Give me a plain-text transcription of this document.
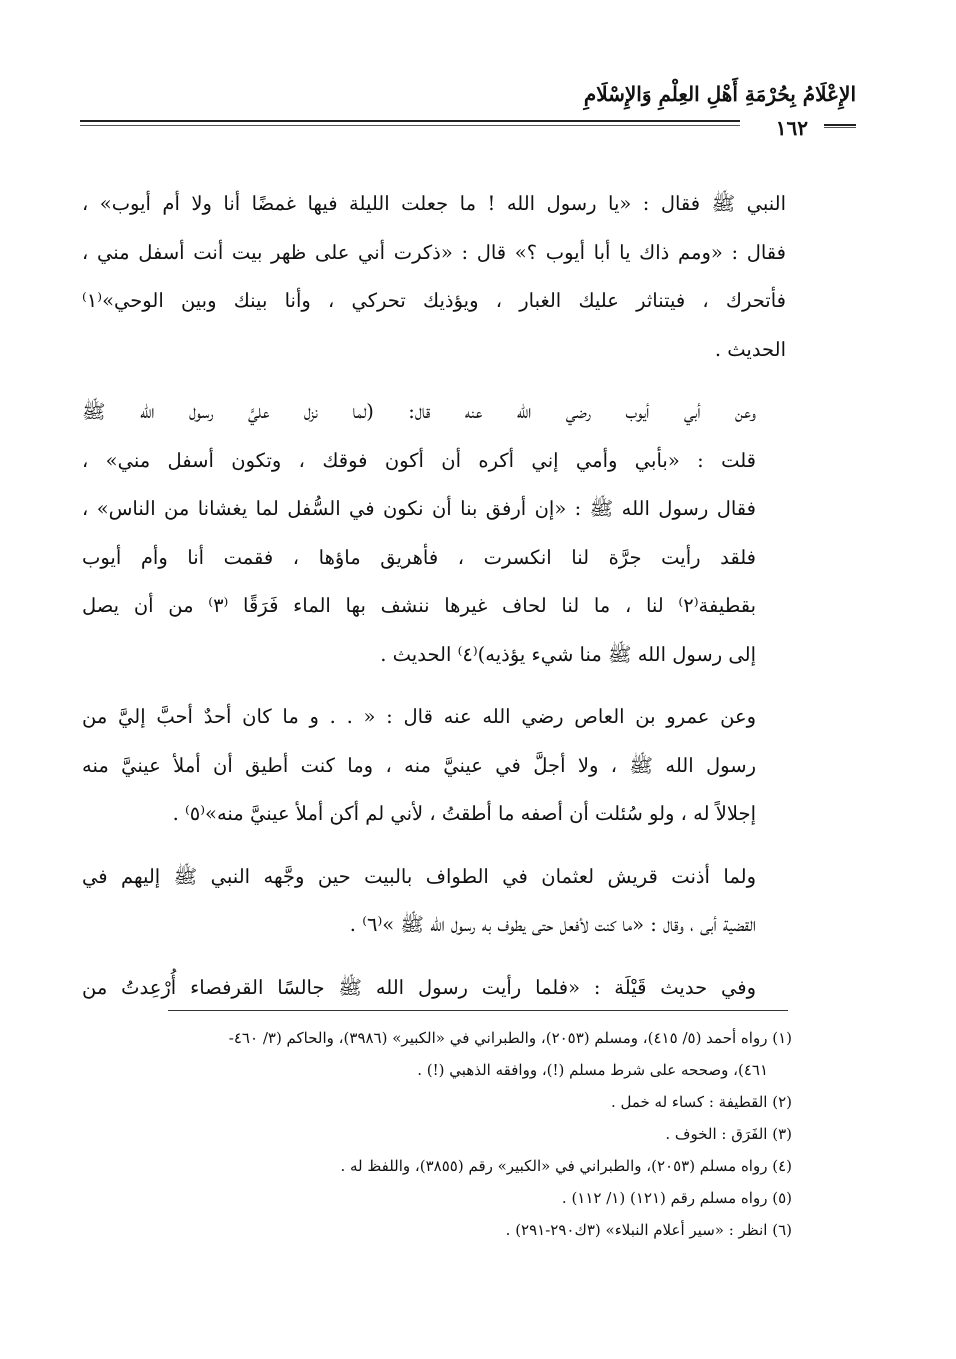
الإِعْلَامُ بِحُرْمَةِ أَهْلِ العِلْمِ وَالإِسْلَامِ
١٦٢

النبي ﷺ فقال : «يا رسول الله ! ما جعلت الليلة فيها غمضًا أنا ولا أم أيوب» ،
فقال : «ومم ذاك يا أبا أيوب ؟» قال : «ذكرت أني على ظهر بيت أنت أسفل مني ،
فأتحرك ، فيتناثر عليك الغبار ، ويؤذيك تحركي ، وأنا بينك وبين الوحي»⁽١⁾
الحديث .

وعن أبي أيوب رضي الله عنه قال: (لما نزل عليَّ رسول الله ﷺ
قلت : «بأبي وأمي إني أكره أن أكون فوقك ، وتكون أسفل مني» ،
فقال رسول الله ﷺ : «إن أرفق بنا أن نكون في السُّفل لما يغشانا من الناس» ،
فلقد رأيت جرَّة لنا انكسرت ، فأهريق ماؤها ، فقمت أنا وأم أيوب
بقطيفة⁽٢⁾ لنا ، ما لنا لحاف غيرها ننشف بها الماء فَرَقًا ⁽٣⁾ من أن يصل
إلى رسول الله ﷺ منا شيء يؤذيه)⁽٤⁾ الحديث .

وعن عمرو بن العاص رضي الله عنه قال : « . . و ما كان أحدٌ أحبَّ إليَّ من
رسول الله ﷺ ، ولا أجلَّ في عينيَّ منه ، وما كنت أطيق أن أملأ عينيَّ منه
إجلالاً له ، ولو سُئلت أن أصفه ما أطقتُ ، لأني لم أكن أملأ عينيَّ منه»⁽٥⁾ .

ولما أذنت قريش لعثمان في الطواف بالبيت حين وجَّهه النبي ﷺ إليهم في
القضية أبى ، وقال : «ما كنت لأفعل حتى يطوف به رسول الله ﷺ »⁽٦⁾ .

وفي حديث قَيْلَة : «فلما رأيت رسول الله ﷺ جالسًا القرفصاء أُرْعِدتُ من

(١) رواه أحمد (٥/ ٤١٥)، ومسلم (٢٠٥٣)، والطبراني في «الكبير» (٣٩٨٦)، والحاكم (٣/ ٤٦٠-
٤٦١)، وصححه على شرط مسلم (!)، ووافقه الذهبي (!) .
(٢) القطيفة : كساء له خمل .
(٣) الفَرَق : الخوف .
(٤) رواه مسلم (٢٠٥٣)، والطبراني في «الكبير» رقم (٣٨٥٥)، واللفظ له .
(٥) رواه مسلم رقم (١٢١) (١/ ١١٢) .
(٦) انظر : «سير أعلام النبلاء» (٣ك٢٩٠-٢٩١) .
